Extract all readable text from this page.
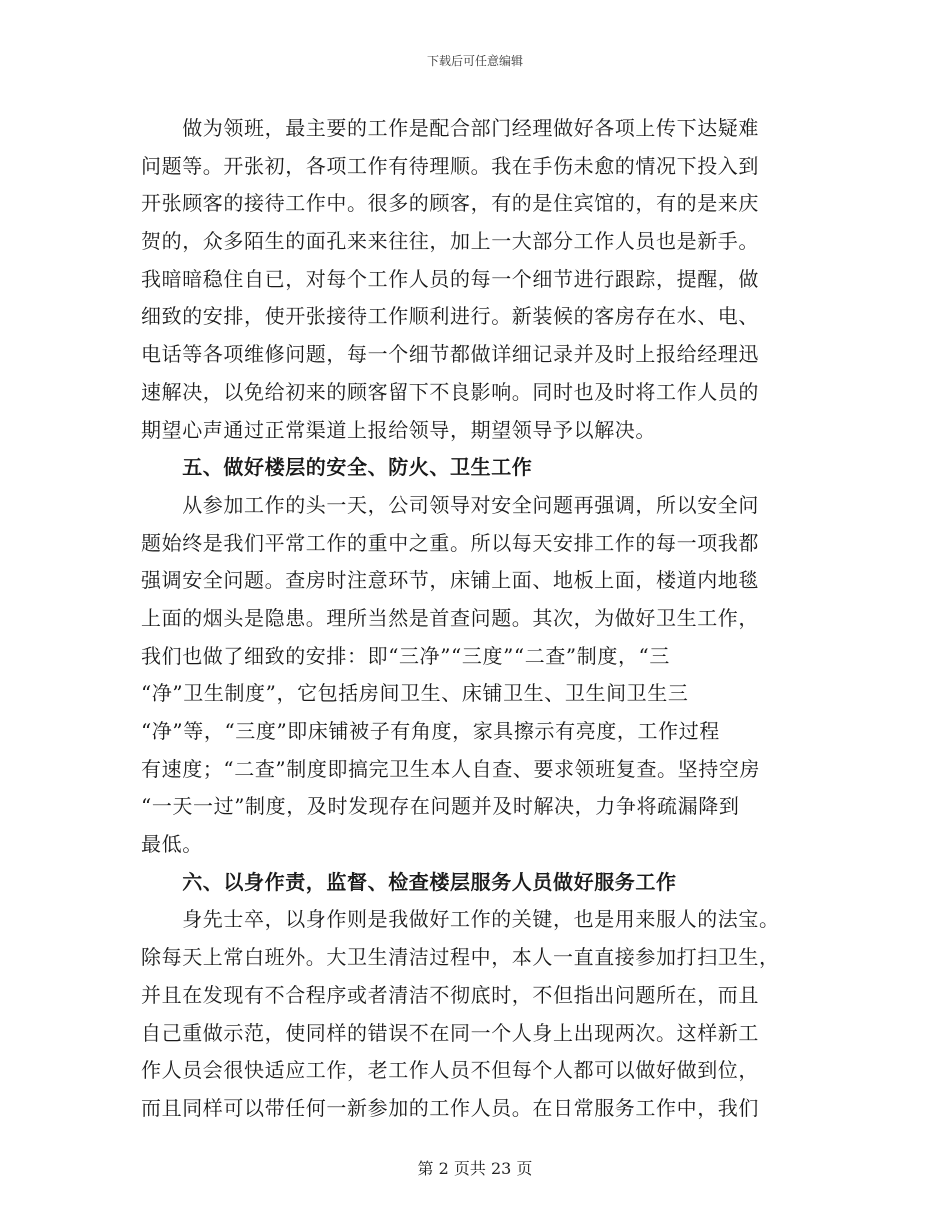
下载后可任意编辑
　　做为领班，最主要的工作是配合部门经理做好各项上传下达疑难
问题等。开张初，各项工作有待理顺。我在手伤未愈的情况下投入到
开张顾客的接待工作中。很多的顾客，有的是住宾馆的，有的是来庆
贺的，众多陌生的面孔来来往往，加上一大部分工作人员也是新手。
我暗暗稳住自已，对每个工作人员的每一个细节进行跟踪，提醒，做
细致的安排，使开张接待工作顺利进行。新装候的客房存在水、电、
电话等各项维修问题，每一个细节都做详细记录并及时上报给经理迅
速解决，以免给初来的顾客留下不良影响。同时也及时将工作人员的
期望心声通过正常渠道上报给领导，期望领导予以解决。
　　五、做好楼层的安全、防火、卫生工作
　　从参加工作的头一天，公司领导对安全问题再强调，所以安全问
题始终是我们平常工作的重中之重。所以每天安排工作的每一项我都
强调安全问题。查房时注意环节，床铺上面、地板上面，楼道内地毯
上面的烟头是隐患。理所当然是首查问题。其次，为做好卫生工作，
我们也做了细致的安排：即“三净”“三度”“二查”制度，“三
“净”卫生制度”，它包括房间卫生、床铺卫生、卫生间卫生三
“净”等，“三度”即床铺被子有角度，家具擦示有亮度，工作过程
有速度；“二查”制度即搞完卫生本人自查、要求领班复查。坚持空房
“一天一过”制度，及时发现存在问题并及时解决，力争将疏漏降到
最低。
　　六、以身作责，监督、检查楼层服务人员做好服务工作
　　身先士卒，以身作则是我做好工作的关键，也是用来服人的法宝。
除每天上常白班外。大卫生清洁过程中，本人一直直接参加打扫卫生，
并且在发现有不合程序或者清洁不彻底时，不但指出问题所在，而且
自己重做示范，使同样的错误不在同一个人身上出现两次。这样新工
作人员会很快适应工作，老工作人员不但每个人都可以做好做到位，
而且同样可以带任何一新参加的工作人员。在日常服务工作中，我们
第 2 页共 23 页
